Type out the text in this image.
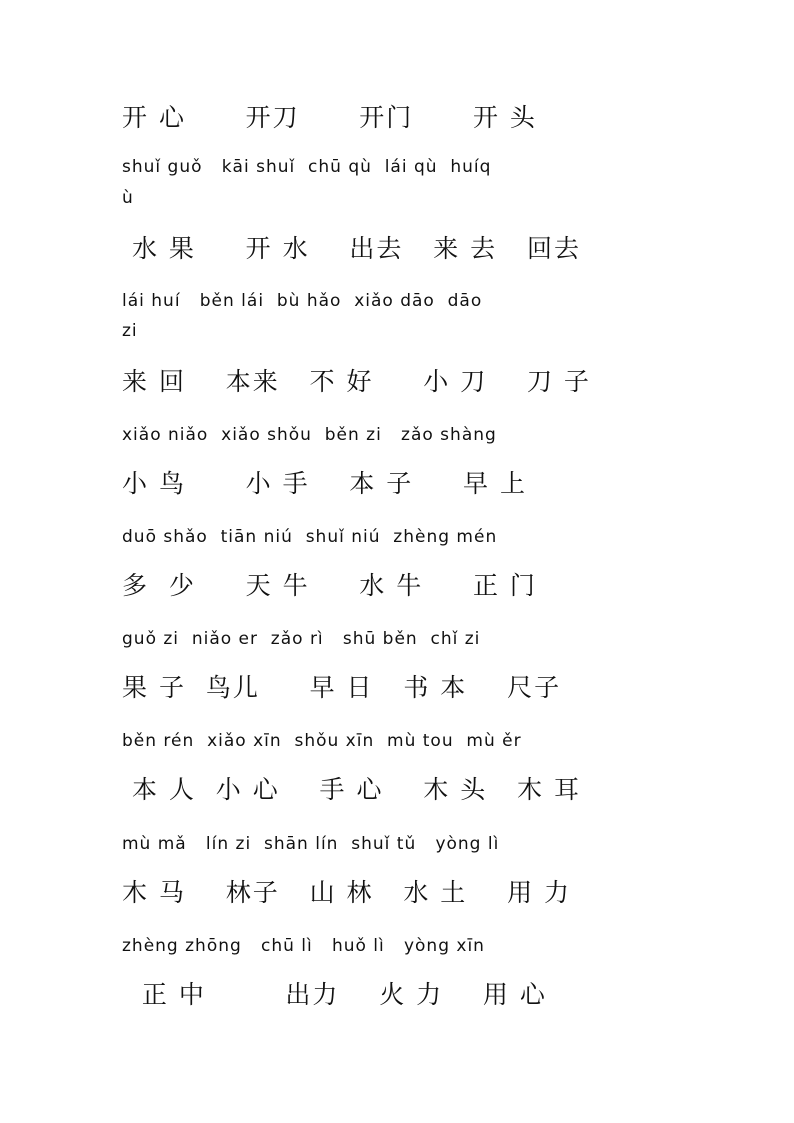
开 心      开刀      开门      开 头
shuǐ guǒ   kāi shuǐ  chū qù  lái qù  huíq
ù
水 果     开 水    出去   来 去   回去
lái huí   běn lái  bù hǎo  xiǎo dāo  dāo
zi
来 回    本来   不 好     小 刀    刀 子
xiǎo niǎo  xiǎo shǒu  běn zi   zǎo shàng
小 鸟      小 手    本 子     早 上
duō shǎo  tiān niú  shuǐ niú  zhèng mén
多  少     天 牛     水 牛     正 门
guǒ zi  niǎo er  zǎo rì   shū běn  chǐ zi
果 子  鸟儿     早 日   书 本    尺子
běn rén  xiǎo xīn  shǒu xīn  mù tou  mù ěr
本 人  小 心    手 心    木 头   木 耳
mù mǎ   lín zi  shān lín  shuǐ tǔ   yòng lì
木 马    林子   山 林   水 土    用 力
zhèng zhōng   chū lì   huǒ lì   yòng xīn
正 中        出力    火 力    用 心
